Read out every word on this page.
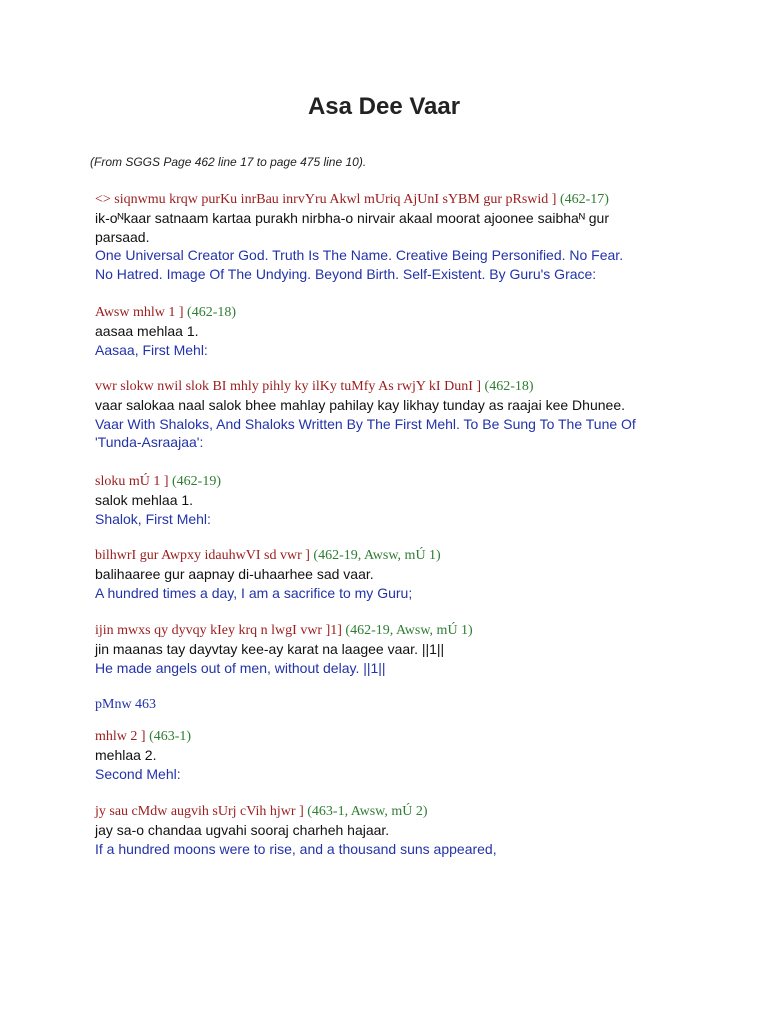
Asa Dee Vaar
(From SGGS Page 462 line 17 to page 475 line 10).
<> siqnwmu krqw purKu inrBau inrvYru Akwl mUriq AjUnI sYBM gur pRswid ] (462-17)
ik-oᴺkaar satnaam kartaa purakh nirbha-o nirvair akaal moorat ajoonee saibhaᴺ gur
parsaad.
One Universal Creator God. Truth Is The Name. Creative Being Personified. No Fear.
No Hatred. Image Of The Undying. Beyond Birth. Self-Existent. By Guru's Grace:
Awsw mhlw 1 ] (462-18)
aasaa mehlaa 1.
Aasaa, First Mehl:
vwr slokw nwil slok BI mhly pihly ky ilKy tuMfy As rwjY kI DunI ] (462-18)
vaar salokaa naal salok bhee mahlay pahilay kay likhay tunday as raajai kee Dhunee.
Vaar With Shaloks, And Shaloks Written By The First Mehl. To Be Sung To The Tune Of
'Tunda-Asraajaa':
sloku mÚ 1 ] (462-19)
salok mehlaa 1.
Shalok, First Mehl:
bilhwrI gur Awpxy idauhwVI sd vwr ] (462-19, Awsw, mÚ 1)
balihaaree gur aapnay di-uhaarhee sad vaar.
A hundred times a day, I am a sacrifice to my Guru;
ijin mwxs qy dyvqy kIey krq n lwgI vwr ]1] (462-19, Awsw, mÚ 1)
jin maanas tay dayvtay kee-ay karat na laagee vaar. ||1||
He made angels out of men, without delay. ||1||
pMnw 463
mhlw 2 ] (463-1)
mehlaa 2.
Second Mehl:
jy sau cMdw augvih sUrj cVih hjwr ] (463-1, Awsw, mÚ 2)
jay sa-o chandaa ugvahi sooraj charheh hajaar.
If a hundred moons were to rise, and a thousand suns appeared,
